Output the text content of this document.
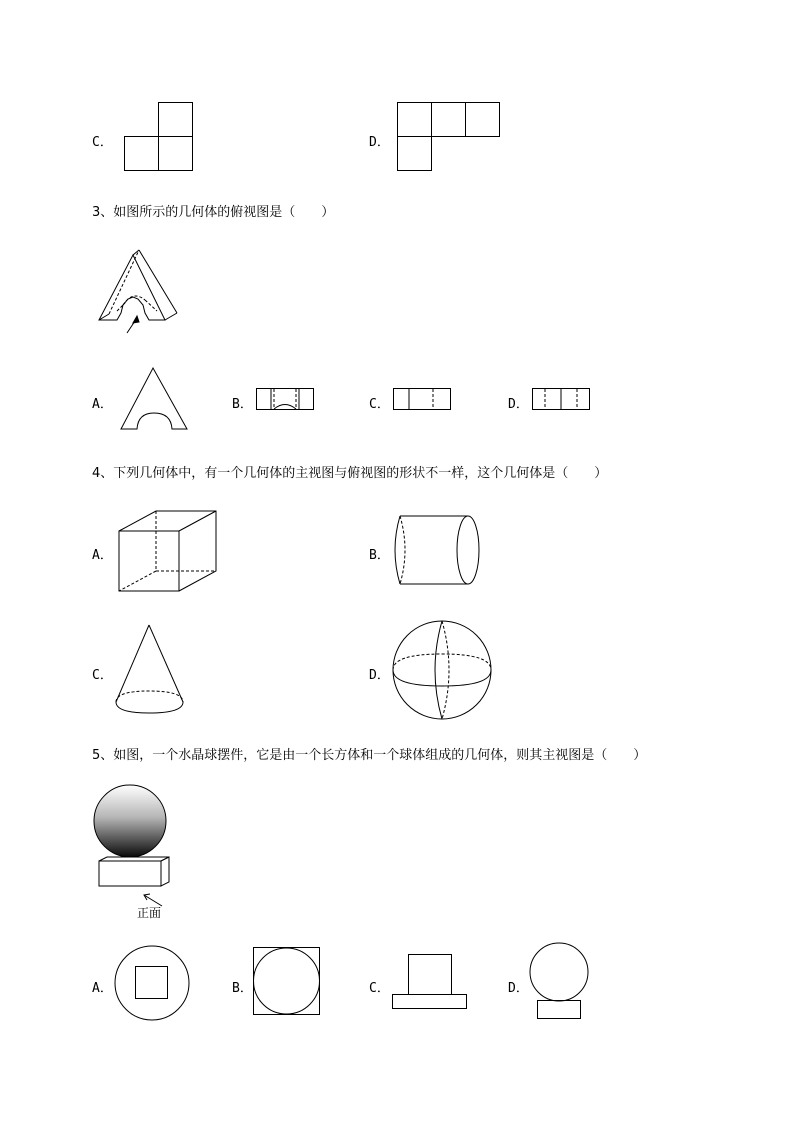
C．	D．
3、如图所示的几何体的俯视图是（　　）
A．	B．	C．	D．
4、下列几何体中，有一个几何体的主视图与俯视图的形状不一样，这个几何体是（　　）
A．	B．
C．	D．
5、如图，一个水晶球摆件，它是由一个长方体和一个球体组成的几何体，则其主视图是（　　）
正面
A．	B．	C．	D．
